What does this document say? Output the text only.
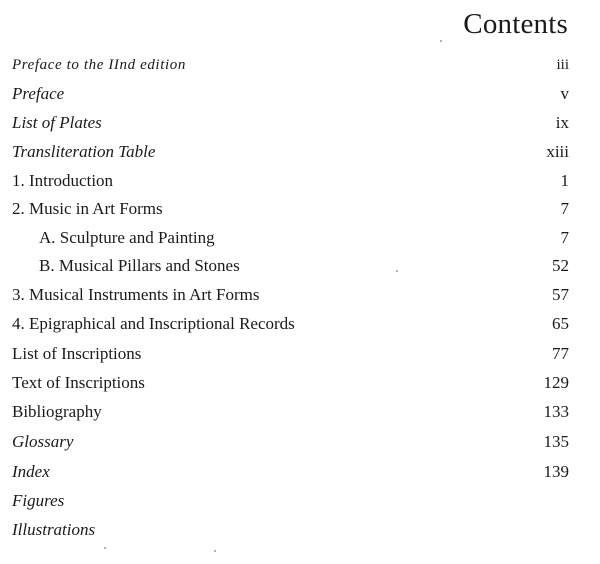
Contents
Preface to the IInd edition	iii
Preface	v
List of Plates	ix
Transliteration Table	xiii
1. Introduction	1
2. Music in Art Forms	7
A. Sculpture and Painting	7
B. Musical Pillars and Stones	52
3. Musical Instruments in Art Forms	57
4. Epigraphical and Inscriptional Records	65
List of Inscriptions	77
Text of Inscriptions	129
Bibliography	133
Glossary	135
Index	139
Figures
Illustrations
